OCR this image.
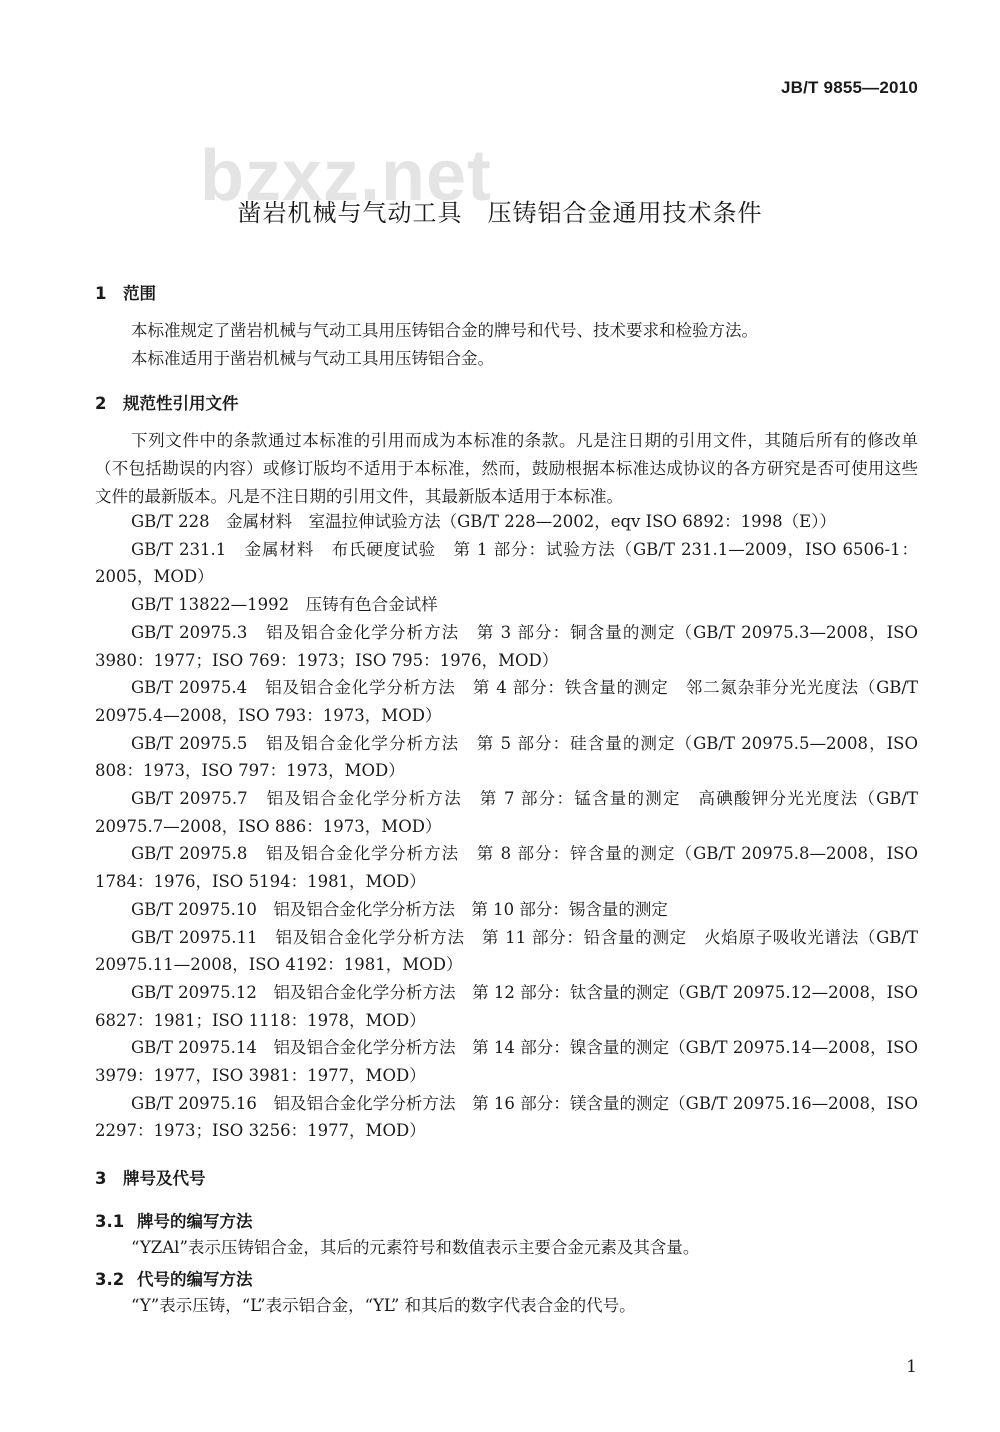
JB/T 9855—2010
bzxz.net
凿岩机械与气动工具　压铸铝合金通用技术条件
1 范围
本标准规定了凿岩机械与气动工具用压铸铝合金的牌号和代号、技术要求和检验方法。
本标准适用于凿岩机械与气动工具用压铸铝合金。
2 规范性引用文件
下列文件中的条款通过本标准的引用而成为本标准的条款。凡是注日期的引用文件，其随后所有的修改单（不包括勘误的内容）或修订版均不适用于本标准，然而，鼓励根据本标准达成协议的各方研究是否可使用这些文件的最新版本。凡是不注日期的引用文件，其最新版本适用于本标准。
GB/T 228　金属材料　室温拉伸试验方法（GB/T 228—2002，eqv ISO 6892：1998（E））
GB/T 231.1　金属材料　布氏硬度试验　第 1 部分：试验方法（GB/T 231.1—2009，ISO 6506-1：2005，MOD）
GB/T 13822—1992　压铸有色合金试样
GB/T 20975.3　铝及铝合金化学分析方法　第 3 部分：铜含量的测定（GB/T 20975.3—2008，ISO 3980：1977；ISO 769：1973；ISO 795：1976，MOD）
GB/T 20975.4　铝及铝合金化学分析方法　第 4 部分：铁含量的测定　邻二氮杂菲分光光度法（GB/T 20975.4—2008，ISO 793：1973，MOD）
GB/T 20975.5　铝及铝合金化学分析方法　第 5 部分：硅含量的测定（GB/T 20975.5—2008，ISO 808：1973，ISO 797：1973，MOD）
GB/T 20975.7　铝及铝合金化学分析方法　第 7 部分：锰含量的测定　高碘酸钾分光光度法（GB/T 20975.7—2008，ISO 886：1973，MOD）
GB/T 20975.8　铝及铝合金化学分析方法　第 8 部分：锌含量的测定（GB/T 20975.8—2008，ISO 1784：1976，ISO 5194：1981，MOD）
GB/T 20975.10　铝及铝合金化学分析方法　第 10 部分：锡含量的测定
GB/T 20975.11　铝及铝合金化学分析方法　第 11 部分：铅含量的测定　火焰原子吸收光谱法（GB/T 20975.11—2008，ISO 4192：1981，MOD）
GB/T 20975.12　铝及铝合金化学分析方法　第 12 部分：钛含量的测定（GB/T 20975.12—2008，ISO 6827：1981；ISO 1118：1978，MOD）
GB/T 20975.14　铝及铝合金化学分析方法　第 14 部分：镍含量的测定（GB/T 20975.14—2008，ISO 3979：1977，ISO 3981：1977，MOD）
GB/T 20975.16　铝及铝合金化学分析方法　第 16 部分：镁含量的测定（GB/T 20975.16—2008，ISO 2297：1973；ISO 3256：1977，MOD）
3 牌号及代号
3.1 牌号的编写方法
“YZAl”表示压铸铝合金，其后的元素符号和数值表示主要合金元素及其含量。
3.2 代号的编写方法
“Y”表示压铸，“L”表示铝合金，“YL” 和其后的数字代表合金的代号。
1
